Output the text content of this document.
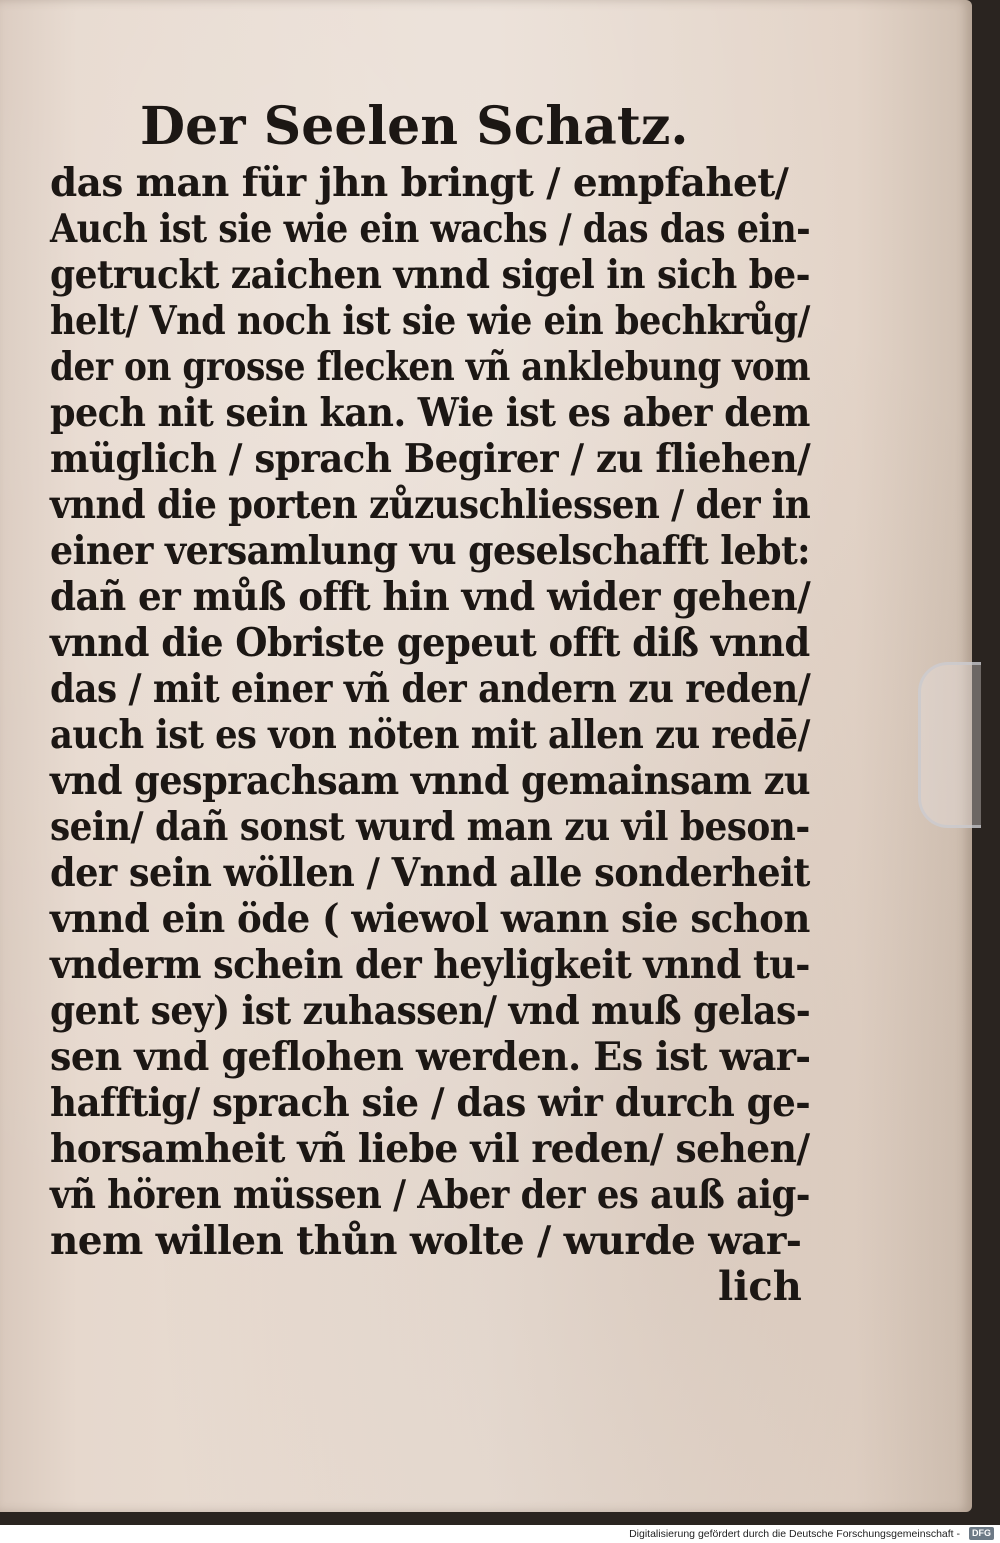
Der Seelen Schatz.
das man für jhn bringt / empfahet/
Auch ist sie wie ein wachs / das das ein-
getruckt zaichen vnnd sigel in sich be-
helt/ Vnd noch ist sie wie ein bechkrůg/
der on grosse flecken vñ anklebung vom
pech nit sein kan. Wie ist es aber dem
müglich / sprach Begirer / zu fliehen/
vnnd die porten zůzuschliessen / der in
einer versamlung vu geselschafft lebt:
dañ er můß offt hin vnd wider gehen/
vnnd die Obriste gepeut offt diß vnnd
das / mit einer vñ der andern zu reden/
auch ist es von nöten mit allen zu redē/
vnd gesprachsam vnnd gemainsam zu
sein/ dañ sonst wurd man zu vil beson-
der sein wöllen / Vnnd alle sonderheit
vnnd ein öde ( wiewol wann sie schon
vnderm schein der heyligkeit vnnd tu-
gent sey) ist zuhassen/ vnd muß gelas-
sen vnd geflohen werden. Es ist war-
hafftig/ sprach sie / das wir durch ge-
horsamheit vñ liebe vil reden/ sehen/
vñ hören müssen / Aber der es auß aig-
nem willen thůn wolte / wurde war-
lich
Digitalisierung gefördert durch die Deutsche Forschungsgemeinschaft -	DFG
